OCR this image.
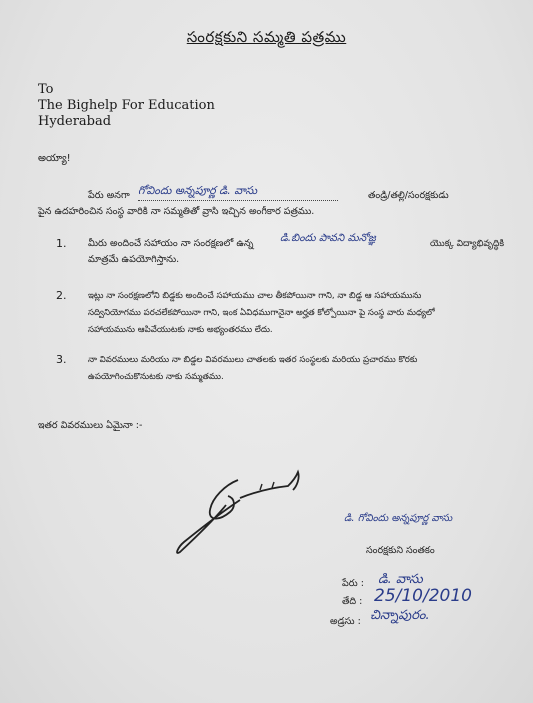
సంరక్షకుని సమ్మతి పత్రము
To
The Bighelp For Education
Hyderabad
అయ్యా!
పేరు అనగా గోవిందు అన్నపూర్ణ డి. వాసు	తండ్రి/తల్లి/సంరక్షకుడు
పైన ఉదహరించిన సంస్థ వారికి నా సమ్మతితో వ్రాసి ఇచ్చిన అంగీకార పత్రము.
1. మీరు అందించే సహాయం నా సంరక్షణలో ఉన్న	డి.బిందు పావని మనోజ్ఞ	యొక్క విద్యాభివృద్ధికి
మాత్రమే ఉపయోగిస్తాను.
2.	ఇట్లు నా సంరక్షణలోని బిడ్డకు అందించే సహాయము చాల తీకపోయినా గాని, నా బిడ్డ ఆ సహాయమును
సద్వినియోగము పరచలేకపోయినా గాని, ఇంక ఏవిధముగానైనా అర్హత కోల్పోయినా పై సంస్థ వారు మధ్యలో
సహాయమును ఆపివేయుటకు నాకు అభ్యంతరము లేదు.
3.	నా వివరములు మరియు నా బిడ్డల వివరములు చాతలకు ఇతర సంస్థలకు మరియు ప్రచారము కొరకు
ఉపయోగించుకొనుటకు నాకు సమ్మతము.
ఇతర వివరములు ఏమైనా :-
డి. గోవిందు అన్నపూర్ణ వాసు
సంరక్షకుని సంతకం
పేరు : డి. వాసు
తేది : 25/10/2010
అడ్రసు : చిన్నాపురం.
